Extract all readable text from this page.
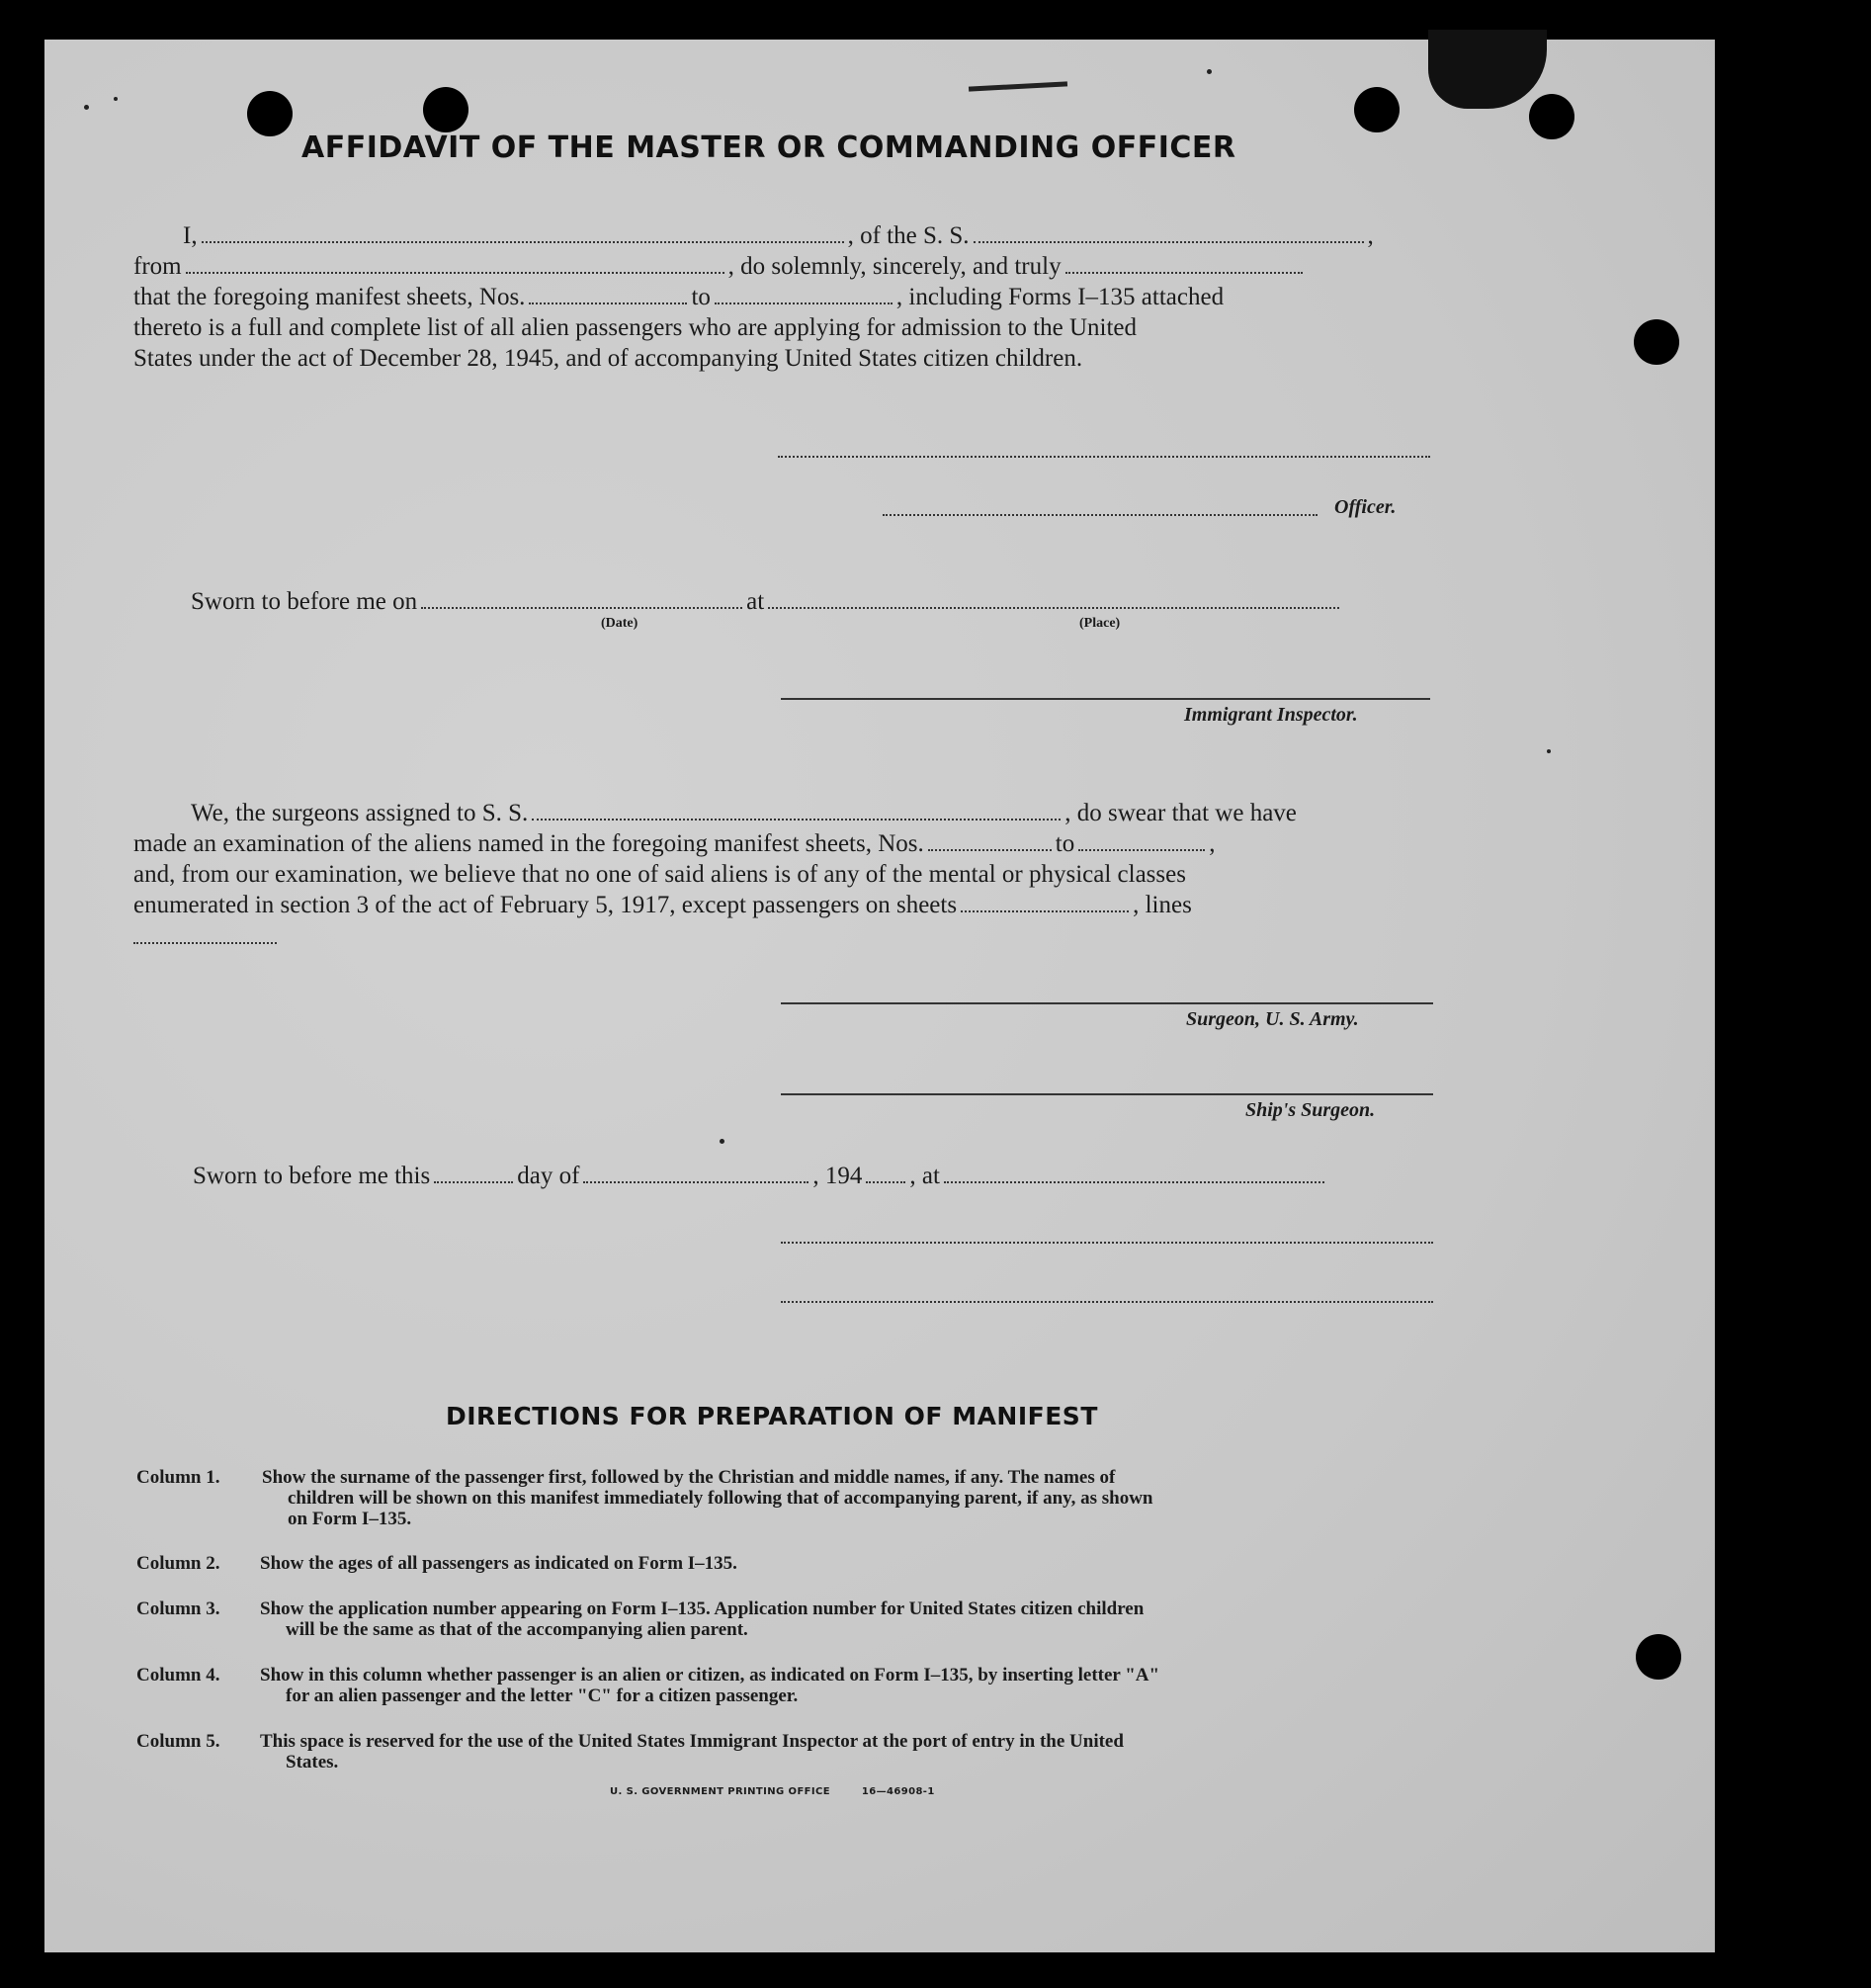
AFFIDAVIT OF THE MASTER OR COMMANDING OFFICER
I,	, of the S. S.	,
from	, do solemnly, sincerely, and truly
that the foregoing manifest sheets, Nos.	to	, including Forms I–135 attached
thereto is a full and complete list of all alien passengers who are applying for admission to the United
States under the act of December 28, 1945, and of accompanying United States citizen children.
Officer.
Sworn to before me on	at
(Date)	(Place)
Immigrant Inspector.
We, the surgeons assigned to S. S.	, do swear that we have
made an examination of the aliens named in the foregoing manifest sheets, Nos.	to	,
and, from our examination, we believe that no one of said aliens is of any of the mental or physical classes
enumerated in section 3 of the act of February 5, 1917, except passengers on sheets	, lines
Surgeon, U. S. Army.
Ship's Surgeon.
Sworn to before me this	day of	, 194 , at
DIRECTIONS FOR PREPARATION OF MANIFEST
Column 1. Show the surname of the passenger first, followed by the Christian and middle names, if any. The names of
children will be shown on this manifest immediately following that of accompanying parent, if any, as shown
on Form I–135.
Column 2. Show the ages of all passengers as indicated on Form I–135.
Column 3. Show the application number appearing on Form I–135. Application number for United States citizen children
will be the same as that of the accompanying alien parent.
Column 4. Show in this column whether passenger is an alien or citizen, as indicated on Form I–135, by inserting letter "A"
for an alien passenger and the letter "C" for a citizen passenger.
Column 5. This space is reserved for the use of the United States Immigrant Inspector at the port of entry in the United
States.
U. S. GOVERNMENT PRINTING OFFICE	16—46908-1
